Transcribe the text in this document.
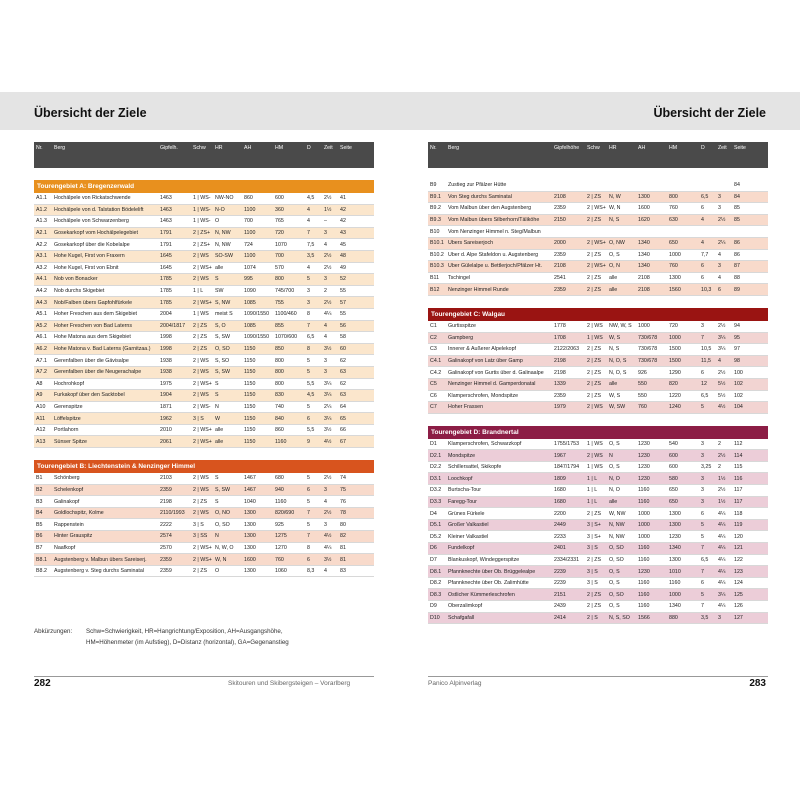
Übersicht der Ziele	Übersicht der Ziele
Nr.	Berg	Gipfelh.	Schw	HR	AH	HM	D	Zeit	Seite
Tourengebiet A: Bregenzerwald
A1.1	Hochälpele von Rickatschwende	1463	1 | WS- NW-NO	860	600	4,5	2½	41
A1.2	Hochälpele von d. Talstation Bödelelift	1463	1 | WS- N-O	1100	360	4	1½	42
A1.3	Hochälpele von Schwarzenberg	1463	1 | WS- O	700	765	4	–	42
A2.1	Gosekarkopf vom Hochälpelegebiet	1791	2 | ZS+ N, NW	1100	720	7	3	43
A2.2	Gosekarkopf über die Kobelalpe	1791	2 | ZS+ N, NW	724	1070	7,5	4	45
A3.1	Hohe Kugel, First von Fraxern	1645	2 | WS	SO-SW	1100	700	3,5	2½	48
A3.2	Hohe Kugel, First von Ebnit	1645	2 | WS+ alle	1074	570	4	2½	49
A4.1	Nob von Bonacker	1785	2 | WS	S	995	800	5	3	52
A4.2	Nob durchs Skigebiet	1785	1 | L	SW	1090	745/700	3	2	55
A4.3	Nob/Falben übers Gapfohlfürkele	1785	2 | WS+ S, NW	1085	755	3	2½	57
A5.1	Hoher Freschen aus dem Skigebiet	2004	1 | WS	meist S	1090/1550	1100/460	8	4¼	55
A5.2	Hoher Freschen von Bad Laterns	2004/1817	2 | ZS	S, O	1085	855	7	4	56
A6.1	Hohe Matona aus dem Skigebiet	1998	2 | ZS	S, SW	1090/1550	1070/600	6,5	4	58
A6.2	Hohe Matona v. Bad Laterns (Garnitzaa.)	1998	2 | ZS	O, SO	1150	850	8	3½	60
A7.1	Gerenfalben über die Gävisalpe	1938	2 | WS	S, SO	1150	800	5	3	62
A7.2	Gerenfalben über die Neugerachalpe	1938	2 | WS	S, SW	1150	800	5	3	63
A8	Hochrohkopf	1975	2 | WS+ S	1150	800	5,5	3¼	62
A9	Furkakopf über den Sacktobel	1904	2 | WS	S	1150	830	4,5	3¼	63
A10	Gerenspitze	1871	2 | WS- N	1150	740	5	2¼	64
A11	Löffelspitze	1962	3 | S	W	1150	840	6	3¼	65
A12	Portlahorn	2010	2 | WS+ alle	1150	860	5,5	3½	66
A13	Sünser Spitze	2061	2 | WS+ alle	1150	1160	9	4½	67
Tourengebiet B: Liechtenstein & Nenzinger Himmel
B1	Schönberg	2103	2 | WS	S	1467	680	5	2½	74
B2	Schelenkopf	2359	2 | WS	S, SW	1467	940	6	3	75
B3	Galinakopf	2198	2 | ZS	S	1040	1160	5	4	76
B4	Goldlochspitz, Kolme	2110/1993	2 | WS	O, NO	1300	820/690	7	2½	78
B5	Rappenstein	2222	3 | S	O, SO	1300	925	5	3	80
B6	Hinter Grauspitz	2574	3 | SS	N	1300	1275	7	4½	82
B7	Naafkopf	2570	2 | WS+ N, W, O	1300	1270	8	4¼	81
B8.1	Augstenberg v. Malbun übers Sareiserj.	2359	2 | WS+ W, N	1600	760	6	3½	81
B8.2	Augstenberg v. Steg durchs Saminatal	2359	2 | ZS	O	1300	1060	8,3	4	83
Nr.	Berg	Gipfelhöhe	Schw	HR	AH	HM	D	Zeit	Seite
B9	Zustieg zur Pfälzer Hütte	84
B9.1	Von Steg durchs Saminatal	2108	2 | ZS	N, W	1300	800	6,5	3	84
B9.2	Vom Malbun über den Augstenberg	2359	2 | WS+ W, N	1600	760	6	3	85
B9.3	Vom Malbun übers Silberhorn/Täliköhe	2150	2 | ZS	N, S	1620	630	4	2½	85
B10	Vom Nenzinger Himmel n. Steg/Malbun
B10.1 Übers Sareiserjoch	2000	2 | WS+ O, NW	1340	650	4	2¼	86
B10.2 Über d. Alpe Stafeldon u. Augstenberg	2359	2 | ZS	O, S	1340	1000	7,7	4	86
B10.3 Über Gülelalpe u. Bettlerjoch/Pfälzer Ht.	2108	2 | WS+ O, N	1340	760	6	3	87
B11	Tschingel	2541	2 | ZS	alle	2108	1300	6	4	88
B12	Nenzinger Himmel Runde	2359	2 | ZS	alle	2108	1560	10,3	6	89
Tourengebiet C: Walgau
C1	Gurtisspitze	1778	2 | WS	NW, W, S	1000	720	3	2½	94
C2	Gampberg	1708	1 | WS	W, S	730/678	1000	7	3¼	95
C3	Innerer & Außerer Alpelekopf	2122/2063	2 | ZS	N, S	730/678	1500	10,5	3¼	97
C4.1	Galinakopf von Latz über Gamp	2198	2 | ZS	N, O, S	730/678	1500	11,5	4	98
C4.2	Galinakopf von Gurtis über d. Galinaalpe	2198	2 | ZS	N, O, S	926	1290	6	2½	100
C5	Nenzinger Himmel d. Gamperdonatal	1339	2 | ZS	alle	550	820	12	5½	102
C6	Klamperschrofen, Mondspitze	2359	2 | ZS	W, S	550	1220	6,5	5½	102
C7	Hoher Frassen	1979	2 | WS	W, SW	760	1240	5	4½	104
Tourengebiet D: Brandnertal
D1	Klamperschrofen, Schwarzkopf	1755/1753	1 | WS	O, S	1230	540	3	2	112
D2.1	Mondspitze	1967	2 | WS	N	1230	600	3	2½	114
D2.2	Schillersattel, Skikopfe	1847/1794	1 | WS	O, S	1230	600	3,25	2	115
D3.1	Loochkopf	1809	1 | L	N, O	1230	580	3	1½	116
D3.2	Burtscha-Tour	1680	1 | L	N, O	1160	650	3	2½	117
D3.3	Faregg-Tour	1680	1 | L	alle	1160	650	3	1½	117
D4	Grünes Fürkele	2200	2 | ZS	W, NW	1000	1300	6	4¼	118
D5.1	Großer Valkastiel	2449	3 | S+	N, NW	1000	1300	5	4¼	119
D5.2	Kleiner Valkastiel	2233	3 | S+	N, NW	1000	1230	5	4¼	120
D6	Fundelkopf	2401	3 | S	O, SO	1160	1340	7	4¼	121
D7	Blankuskopf, Windeggerspitze	2334/2331	2 | ZS	O, SO	1160	1300	6,5	4¼	122
D8.1	Pfannknechte über Ob. Brüggelealpe	2239	3 | S	O, S	1230	1010	7	4¼	123
D8.2	Pfannknechte über Ob. Zalimhütte	2239	3 | S	O, S	1160	1160	6	4¼	124
D8.3	Östlicher Kümmerleschrofen	2151	2 | ZS	O, SO	1160	1000	5	3¼	125
D9	Oberzalimkopf	2439	2 | ZS	O, S	1160	1340	7	4¼	126
D10	Schafgafall	2414	2 | S	N, S, SO	1566	880	3,5	3	127
Abkürzungen: Schw=Schwierigkeit, HR=Hangrichtung/Exposition, AH=Ausgangshöhe,
HM=Höhenmeter (im Aufstieg), D=Distanz (horizontal), GA=Gegenanstieg
282	Skitouren und Skibergsteigen – Vorarlberg	Panico Alpinverlag	283
